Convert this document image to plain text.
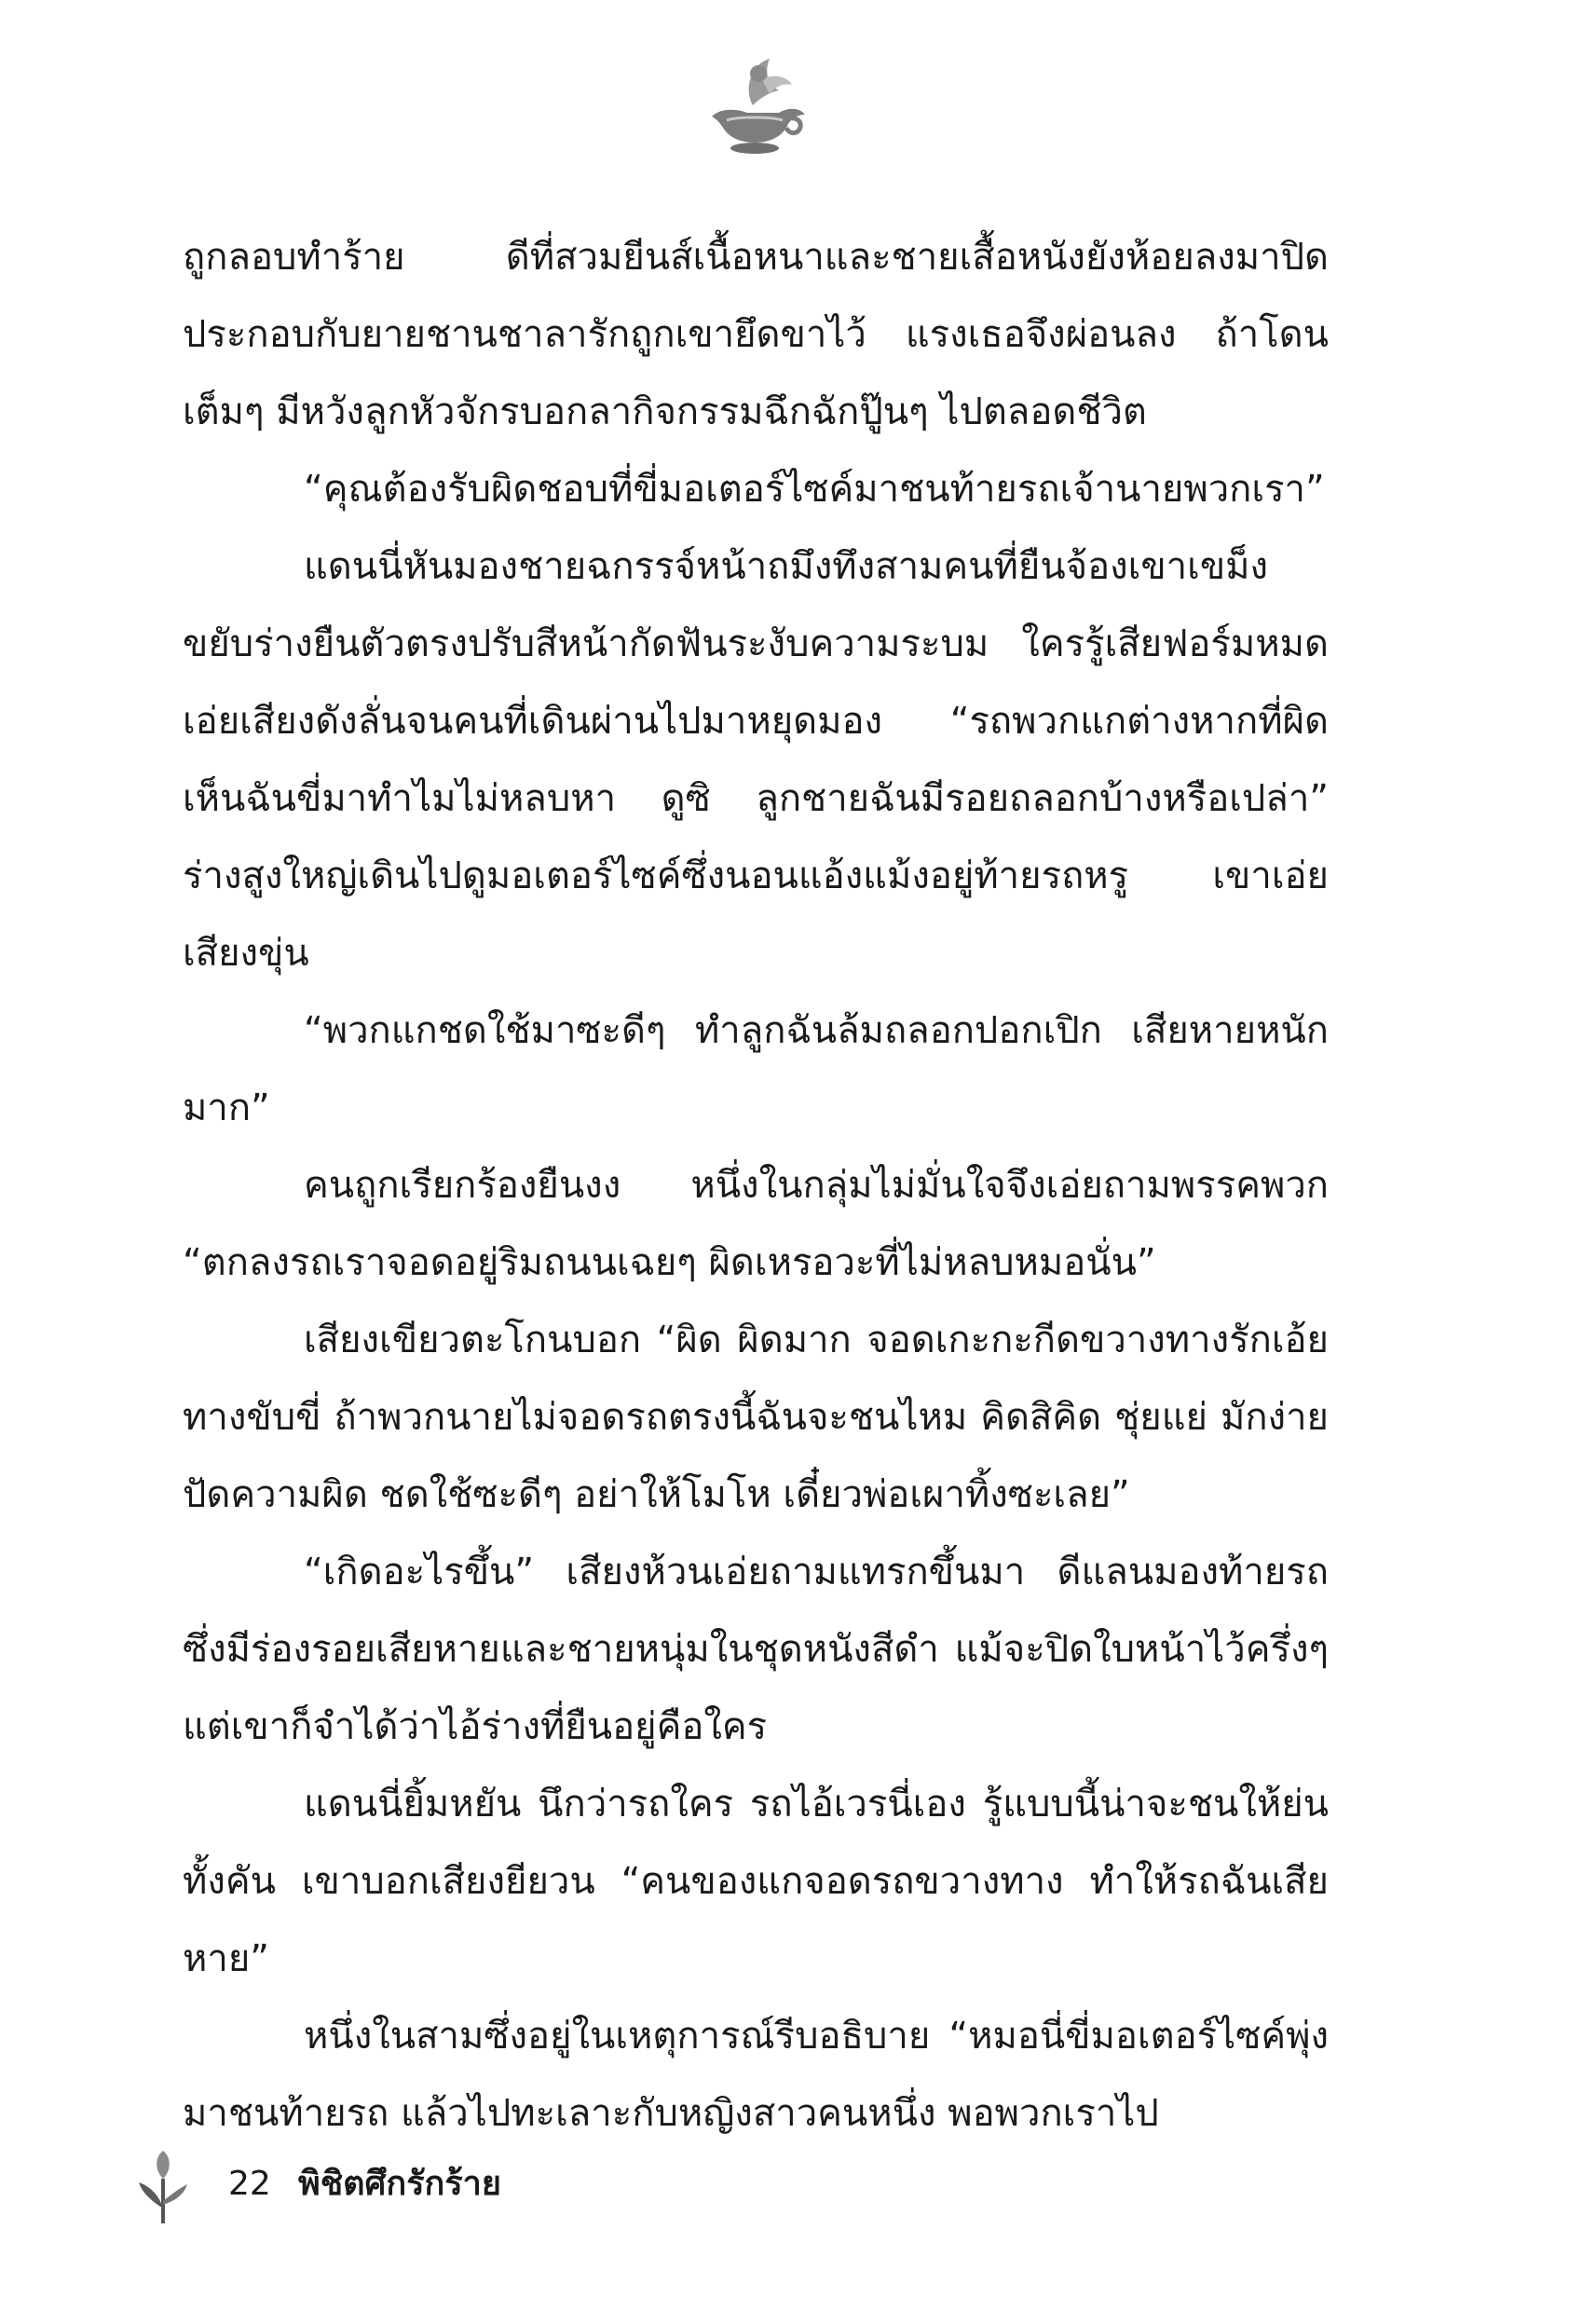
ถูกลอบทำร้าย ดีที่สวมยีนส์เนื้อหนาและชายเสื้อหนังยังห้อยลงมาปิดประกอบกับยายชานชาลารักถูกเขายึดขาไว้ แรงเธอจึงผ่อนลง ถ้าโดนเต็มๆ มีหวังลูกหัวจักรบอกลากิจกรรมฉึกฉักปู๊นๆ ไปตลอดชีวิต

“คุณต้องรับผิดชอบที่ขี่มอเตอร์ไซค์มาชนท้ายรถเจ้านายพวกเรา”

แดนนี่หันมองชายฉกรรจ์หน้าถมึงทึงสามคนที่ยืนจ้องเขาเขม็งขยับร่างยืนตัวตรงปรับสีหน้ากัดฟันระงับความระบม ใครรู้เสียฟอร์มหมด เอ่ยเสียงดังลั่นจนคนที่เดินผ่านไปมาหยุดมอง “รถพวกแกต่างหากที่ผิด เห็นฉันขี่มาทำไมไม่หลบหา ดูซิ ลูกชายฉันมีรอยถลอกบ้างหรือเปล่า” ร่างสูงใหญ่เดินไปดูมอเตอร์ไซค์ซึ่งนอนแอ้งแม้งอยู่ท้ายรถหรู เขาเอ่ยเสียงขุ่น

“พวกแกชดใช้มาซะดีๆ ทำลูกฉันล้มถลอกปอกเปิก เสียหายหนักมาก”

คนถูกเรียกร้องยืนงง หนึ่งในกลุ่มไม่มั่นใจจึงเอ่ยถามพรรคพวก “ตกลงรถเราจอดอยู่ริมถนนเฉยๆ ผิดเหรอวะที่ไม่หลบหมอนั่น”

เสียงเขียวตะโกนบอก “ผิด ผิดมาก จอดเกะกะกีดขวางทางรักเอ้ย ทางขับขี่ ถ้าพวกนายไม่จอดรถตรงนี้ฉันจะชนไหม คิดสิคิด ชุ่ยแย่ มักง่าย ปัดความผิด ชดใช้ซะดีๆ อย่าให้โมโห เดี๋ยวพ่อเผาทิ้งซะเลย”

“เกิดอะไรขึ้น” เสียงห้วนเอ่ยถามแทรกขึ้นมา ดีแลนมองท้ายรถซึ่งมีร่องรอยเสียหายและชายหนุ่มในชุดหนังสีดำ แม้จะปิดใบหน้าไว้ครึ่งๆ แต่เขาก็จำได้ว่าไอ้ร่างที่ยืนอยู่คือใคร

แดนนี่ยิ้มหยัน นึกว่ารถใคร รถไอ้เวรนี่เอง รู้แบบนี้น่าจะชนให้ย่นทั้งคัน เขาบอกเสียงยียวน “คนของแกจอดรถขวางทาง ทำให้รถฉันเสียหาย”

หนึ่งในสามซึ่งอยู่ในเหตุการณ์รีบอธิบาย “หมอนี่ขี่มอเตอร์ไซค์พุ่งมาชนท้ายรถ แล้วไปทะเลาะกับหญิงสาวคนหนึ่ง พอพวกเราไป

22 พิชิตศึกรักร้าย
